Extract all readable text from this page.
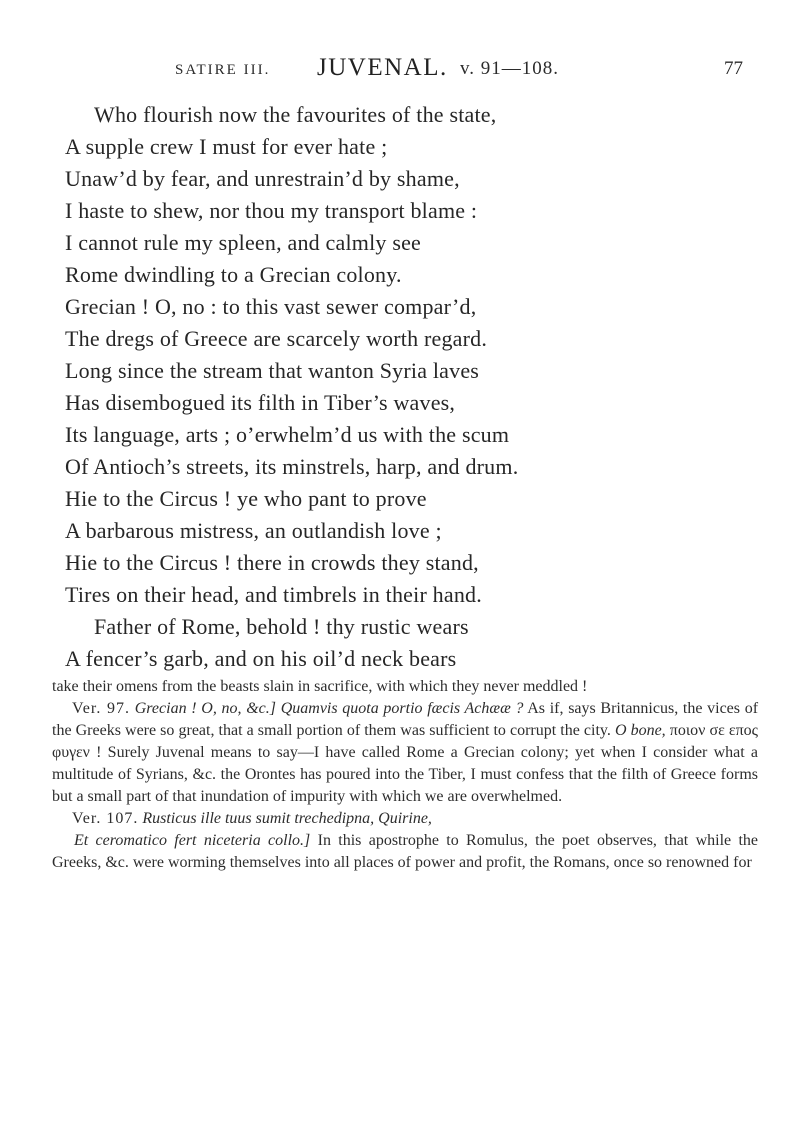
SATIRE III. JUVENAL. v. 91—108.	77
Who flourish now the favourites of the state,
A supple crew I must for ever hate ;
Unaw’d by fear, and unrestrain’d by shame,
I haste to shew, nor thou my transport blame :
I cannot rule my spleen, and calmly see
Rome dwindling to a Grecian colony.
Grecian ! O, no : to this vast sewer compar’d,
The dregs of Greece are scarcely worth regard.
Long since the stream that wanton Syria laves
Has disembogued its filth in Tiber’s waves,
Its language, arts ; o’erwhelm’d us with the scum
Of Antioch’s streets, its minstrels, harp, and drum.
Hie to the Circus ! ye who pant to prove
A barbarous mistress, an outlandish love ;
Hie to the Circus ! there in crowds they stand,
Tires on their head, and timbrels in their hand.
Father of Rome, behold ! thy rustic wears
A fencer’s garb, and on his oil’d neck bears

take their omens from the beasts slain in sacrifice, with which they never meddled !

Ver. 97. Grecian ! O, no, &c.] Quamvis quota portio fæcis Achææ ? As if, says Britannicus, the vices of the Greeks were so great, that a small portion of them was sufficient to corrupt the city. O bone, ποιον σε επος φυγεν ! Surely Juvenal means to say—I have called Rome a Grecian colony; yet when I consider what a multitude of Syrians, &c. the Orontes has poured into the Tiber, I must confess that the filth of Greece forms but a small part of that inundation of impurity with which we are overwhelmed.

Ver. 107. Rusticus ille tuus sumit trechedipna, Quirine,
Et ceromatico fert niceteria collo.] In this apostrophe to Romulus, the poet observes, that while the Greeks, &c. were worming themselves into all places of power and profit, the Romans, once so renowned for
